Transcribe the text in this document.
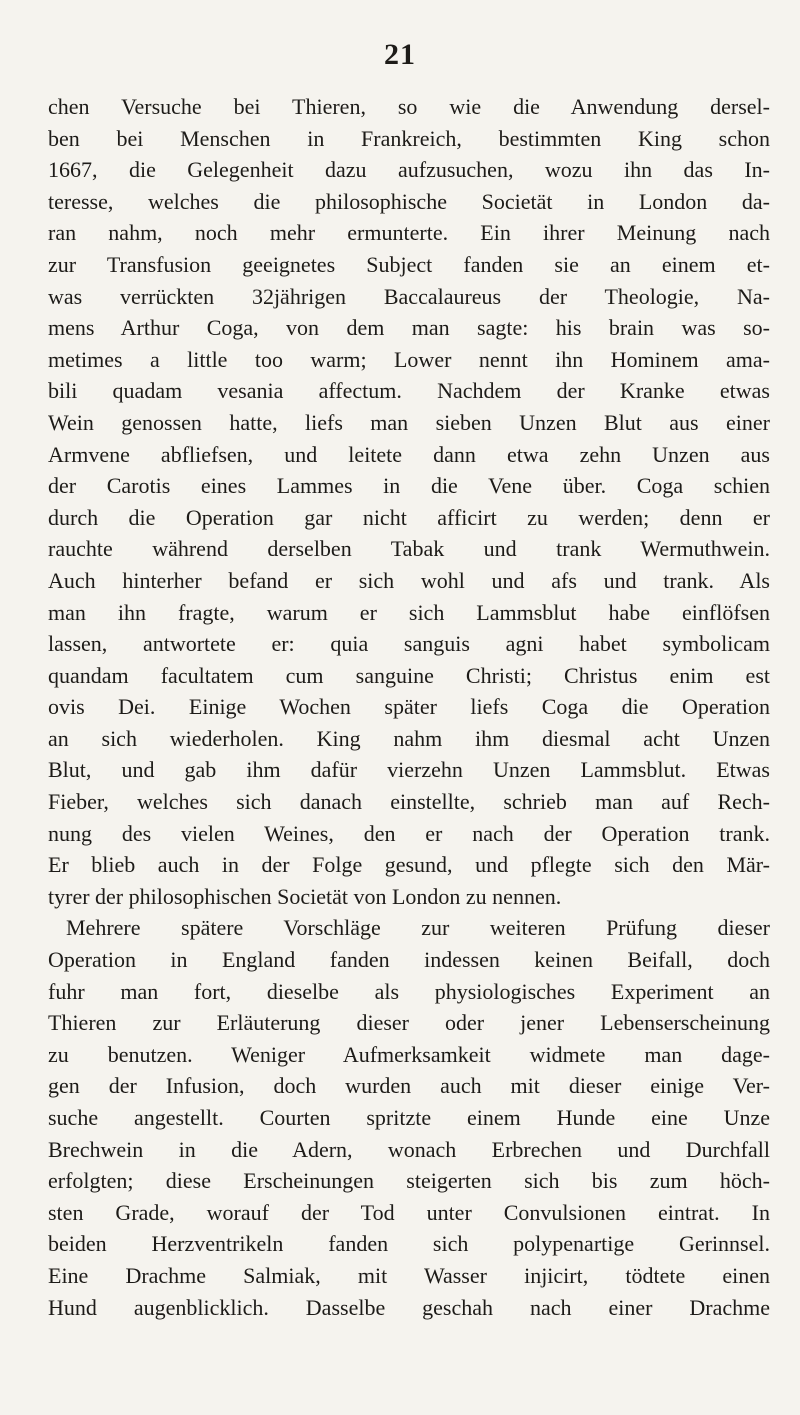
21
chen Versuche bei Thieren, so wie die Anwendung dersel-
ben bei Menschen in Frankreich, bestimmten King schon
1667, die Gelegenheit dazu aufzusuchen, wozu ihn das In-
teresse, welches die philosophische Societät in London da-
ran nahm, noch mehr ermunterte. Ein ihrer Meinung nach
zur Transfusion geeignetes Subject fanden sie an einem et-
was verrückten 32jährigen Baccalaureus der Theologie, Na-
mens Arthur Coga, von dem man sagte: his brain was so-
metimes a little too warm; Lower nennt ihn Hominem ama-
bili quadam vesania affectum. Nachdem der Kranke etwas
Wein genossen hatte, liefs man sieben Unzen Blut aus einer
Armvene abfliefsen, und leitete dann etwa zehn Unzen aus
der Carotis eines Lammes in die Vene über. Coga schien
durch die Operation gar nicht afficirt zu werden; denn er
rauchte während derselben Tabak und trank Wermuthwein.
Auch hinterher befand er sich wohl und afs und trank. Als
man ihn fragte, warum er sich Lammsblut habe einflöfsen
lassen, antwortete er: quia sanguis agni habet symbolicam
quandam facultatem cum sanguine Christi; Christus enim est
ovis Dei. Einige Wochen später liefs Coga die Operation
an sich wiederholen. King nahm ihm diesmal acht Unzen
Blut, und gab ihm dafür vierzehn Unzen Lammsblut. Etwas
Fieber, welches sich danach einstellte, schrieb man auf Rech-
nung des vielen Weines, den er nach der Operation trank.
Er blieb auch in der Folge gesund, und pflegte sich den Mär-
tyrer der philosophischen Societät von London zu nennen.
Mehrere spätere Vorschläge zur weiteren Prüfung dieser
Operation in England fanden indessen keinen Beifall, doch
fuhr man fort, dieselbe als physiologisches Experiment an
Thieren zur Erläuterung dieser oder jener Lebenserscheinung
zu benutzen. Weniger Aufmerksamkeit widmete man dage-
gen der Infusion, doch wurden auch mit dieser einige Ver-
suche angestellt. Courten spritzte einem Hunde eine Unze
Brechwein in die Adern, wonach Erbrechen und Durchfall
erfolgten; diese Erscheinungen steigerten sich bis zum höch-
sten Grade, worauf der Tod unter Convulsionen eintrat. In
beiden Herzventrikeln fanden sich polypenartige Gerinnsel.
Eine Drachme Salmiak, mit Wasser injicirt, tödtete einen
Hund augenblicklich. Dasselbe geschah nach einer Drachme
